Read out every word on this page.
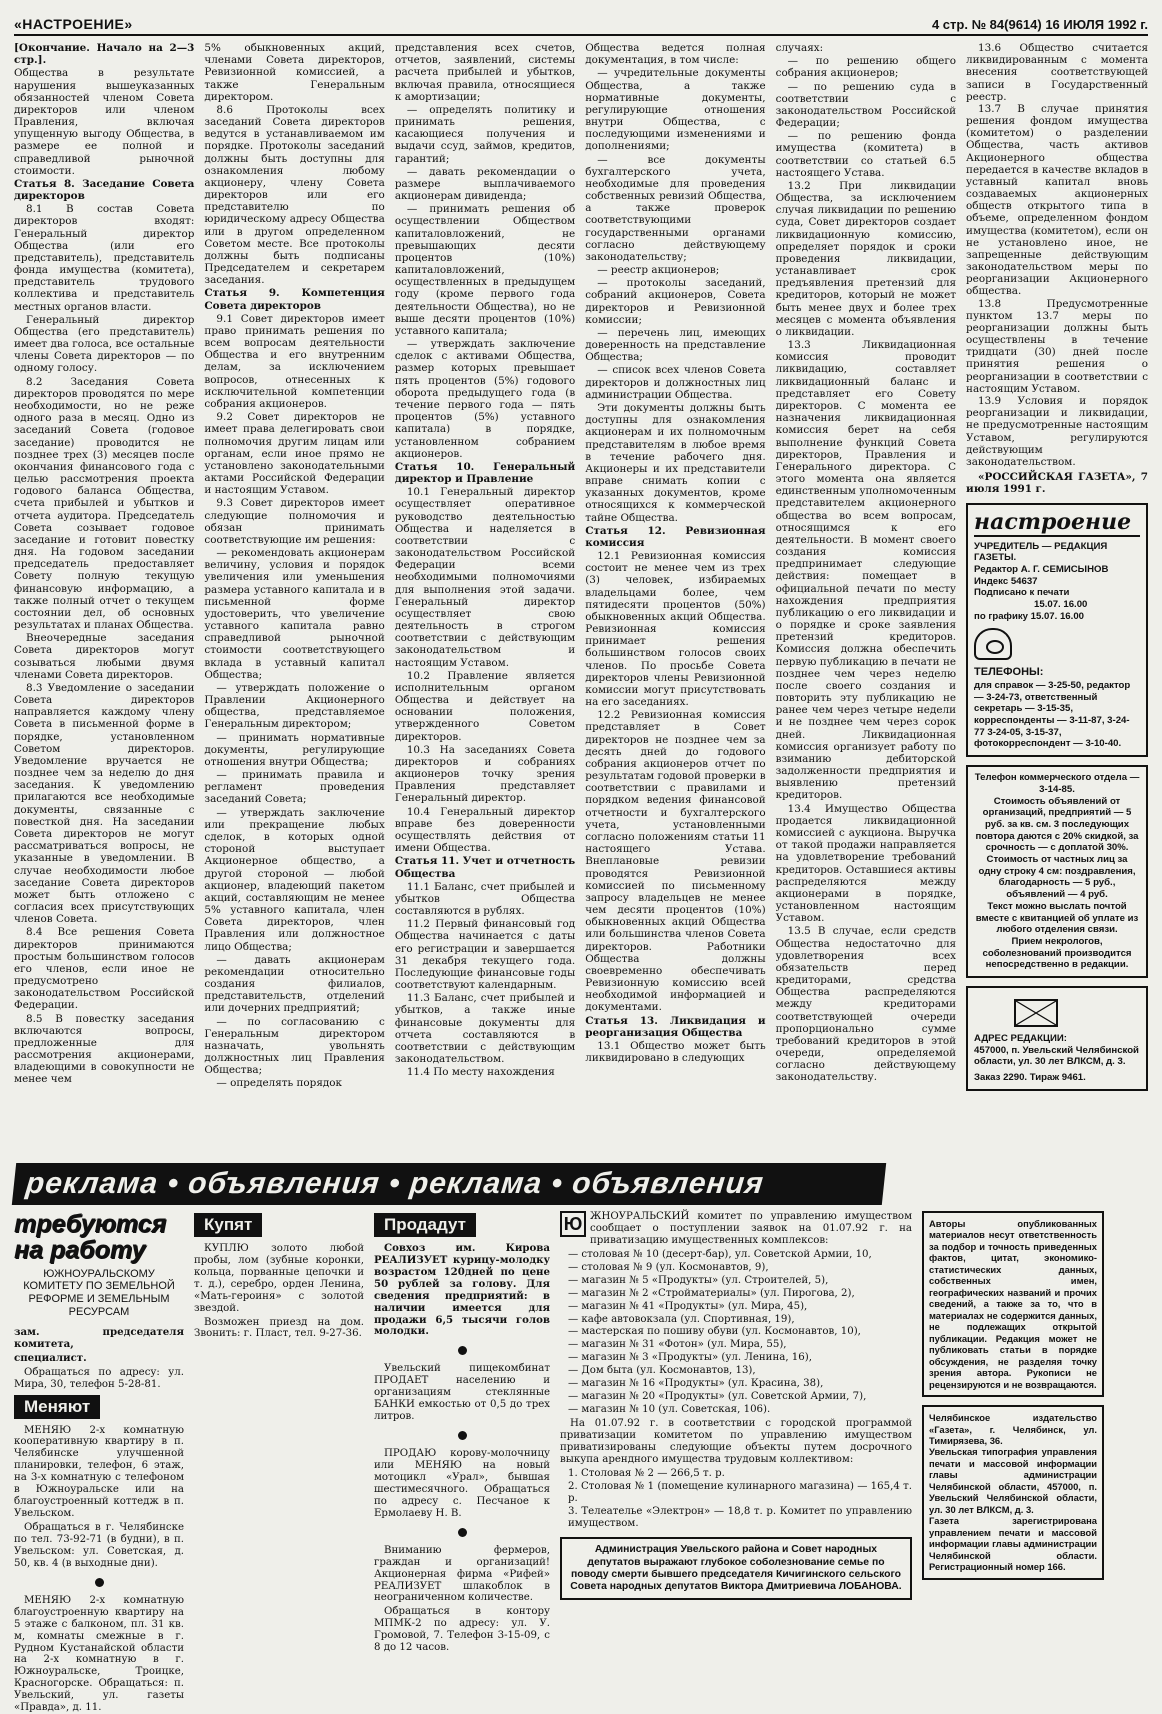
«НАСТРОЕНИЕ»	4 стр. № 84(9614) 16 ИЮЛЯ 1992 г.

[Окончание. Начало на 2—3 стр.].

Общества в результате нарушения вышеуказанных обязанностей членом Совета директоров или членом Правления, включая упущенную выгоду Общества, в размере ее полной и справедливой рыночной стоимости.

Статья 8. Заседание Совета директоров

8.1 В состав Совета директоров входят: Генеральный директор Общества (или его представитель), представитель фонда имущества (комитета), представитель трудового коллектива и представитель местных органов власти.

Генеральный директор Общества (его представитель) имеет два голоса, все остальные члены Совета директоров — по одному голосу.

8.2 Заседания Совета директоров проводятся по мере необходимости, но не реже одного раза в месяц. Одно из заседаний Совета (годовое заседание) проводится не позднее трех (3) месяцев после окончания финансового года с целью рассмотрения проекта годового баланса Общества, счета прибылей и убытков и отчета аудитора. Председатель Совета созывает годовое заседание и готовит повестку дня. На годовом заседании председатель предоставляет Совету полную текущую финансовую информацию, а также полный отчет о текущем состоянии дел, об основных результатах и планах Общества.

Внеочередные заседания Совета директоров могут созываться любыми двумя членами Совета директоров.

8.3 Уведомление о заседании Совета директоров направляется каждому члену Совета в письменной форме в порядке, установленном Советом директоров. Уведомление вручается не позднее чем за неделю до дня заседания. К уведомлению прилагаются все необходимые документы, связанные с повесткой дня. На заседании Совета директоров не могут рассматриваться вопросы, не указанные в уведомлении. В случае необходимости любое заседание Совета директоров может быть отложено с согласия всех присутствующих членов Совета.

8.4 Все решения Совета директоров принимаются простым большинством голосов его членов, если иное не предусмотрено законодательством Российской Федерации.

8.5 В повестку заседания включаются вопросы, предложенные для рассмотрения акционерами, владеющими в совокупности не менее чем

5% обыкновенных акций, членами Совета директоров, Ревизионной комиссией, а также Генеральным директором.

8.6 Протоколы всех заседаний Совета директоров ведутся в устанавливаемом им порядке. Протоколы заседаний должны быть доступны для ознакомления любому акционеру, члену Совета директоров или его представителю по юридическому адресу Общества или в другом определенном Советом месте. Все протоколы должны быть подписаны Председателем и секретарем заседания.

Статья 9. Компетенция Совета директоров

9.1 Совет директоров имеет право принимать решения по всем вопросам деятельности Общества и его внутренним делам, за исключением вопросов, отнесенных к исключительной компетенции собрания акционеров.

9.2 Совет директоров не имеет права делегировать свои полномочия другим лицам или органам, если иное прямо не установлено законодательными актами Российской Федерации и настоящим Уставом.

9.3 Совет директоров имеет следующие полномочия и обязан принимать соответствующие им решения:

— рекомендовать акционерам величину, условия и порядок увеличения или уменьшения размера уставного капитала и в письменной форме удостоверить, что увеличение уставного капитала равно справедливой рыночной стоимости соответствующего вклада в уставный капитал Общества;

— утверждать положение о Правлении Акционерного общества, представляемое Генеральным директором;

— принимать нормативные документы, регулирующие отношения внутри Общества;

— принимать правила и регламент проведения заседаний Совета;

— утверждать заключение или прекращение любых сделок, в которых одной стороной выступает Акционерное общество, а другой стороной — любой акционер, владеющий пакетом акций, составляющим не менее 5% уставного капитала, член Совета директоров, член Правления или должностное лицо Общества;

— давать акционерам рекомендации относительно создания филиалов, представительств, отделений или дочерних предприятий;

— по согласованию с Генеральным директором назначать, увольнять должностных лиц Правления Общества;

— определять порядок

представления всех счетов, отчетов, заявлений, системы расчета прибылей и убытков, включая правила, относящиеся к амортизации;

— определять политику и принимать решения, касающиеся получения и выдачи ссуд, займов, кредитов, гарантий;

— давать рекомендации о размере выплачиваемого акционерам дивиденда;

— принимать решения об осуществлении Обществом капиталовложений, не превышающих десяти процентов (10%) капиталовложений, осуществленных в предыдущем году (кроме первого года деятельности Общества), но не выше десяти процентов (10%) уставного капитала;

— утверждать заключение сделок с активами Общества, размер которых превышает пять процентов (5%) годового оборота предыдущего года (в течение первого года — пять процентов (5%) уставного капитала) в порядке, установленном собранием акционеров.

Статья 10. Генеральный директор и Правление

10.1 Генеральный директор осуществляет оперативное руководство деятельностью Общества и наделяется в соответствии с законодательством Российской Федерации всеми необходимыми полномочиями для выполнения этой задачи. Генеральный директор осуществляет свою деятельность в строгом соответствии с действующим законодательством и настоящим Уставом.

10.2 Правление является исполнительным органом Общества и действует на основании положения, утвержденного Советом директоров.

10.3 На заседаниях Совета директоров и собраниях акционеров точку зрения Правления представляет Генеральный директор.

10.4 Генеральный директор вправе без доверенности осуществлять действия от имени Общества.

Статья 11. Учет и отчетность Общества

11.1 Баланс, счет прибылей и убытков Общества составляются в рублях.

11.2 Первый финансовый год Общества начинается с даты его регистрации и завершается 31 декабря текущего года. Последующие финансовые годы соответствуют календарным.

11.3 Баланс, счет прибылей и убытков, а также иные финансовые документы для отчета составляются в соответствии с действующим законодательством.

11.4 По месту нахождения

Общества ведется полная документация, в том числе:

— учредительные документы Общества, а также нормативные документы, регулирующие отношения внутри Общества, с последующими изменениями и дополнениями;

— все документы бухгалтерского учета, необходимые для проведения собственных ревизий Общества, а также проверок соответствующими государственными органами согласно действующему законодательству;

— реестр акционеров;

— протоколы заседаний, собраний акционеров, Совета директоров и Ревизионной комиссии;

— перечень лиц, имеющих доверенность на представление Общества;

— список всех членов Совета директоров и должностных лиц администрации Общества.

Эти документы должны быть доступны для ознакомления акционерам и их полномочным представителям в любое время в течение рабочего дня. Акционеры и их представители вправе снимать копии с указанных документов, кроме относящихся к коммерческой тайне Общества.

Статья 12. Ревизионная комиссия

12.1 Ревизионная комиссия состоит не менее чем из трех (3) человек, избираемых владельцами более, чем пятидесяти процентов (50%) обыкновенных акций Общества. Ревизионная комиссия принимает решения большинством голосов своих членов. По просьбе Совета директоров члены Ревизионной комиссии могут присутствовать на его заседаниях.

12.2 Ревизионная комиссия представляет в Совет директоров не позднее чем за десять дней до годового собрания акционеров отчет по результатам годовой проверки в соответствии с правилами и порядком ведения финансовой отчетности и бухгалтерского учета, установленными согласно положениям статьи 11 настоящего Устава. Внеплановые ревизии проводятся Ревизионной комиссией по письменному запросу владельцев не менее чем десяти процентов (10%) обыкновенных акций Общества или большинства членов Совета директоров. Работники Общества должны своевременно обеспечивать Ревизионную комиссию всей необходимой информацией и документами.

Статья 13. Ликвидация и реорганизация Общества

13.1 Общество может быть ликвидировано в следующих

случаях:

— по решению общего собрания акционеров;

— по решению суда в соответствии с законодательством Российской Федерации;

— по решению фонда имущества (комитета) в соответствии со статьей 6.5 настоящего Устава.

13.2 При ликвидации Общества, за исключением случая ликвидации по решению суда, Совет директоров создает ликвидационную комиссию, определяет порядок и сроки проведения ликвидации, устанавливает срок предъявления претензий для кредиторов, который не может быть менее двух и более трех месяцев с момента объявления о ликвидации.

13.3 Ликвидационная комиссия проводит ликвидацию, составляет ликвидационный баланс и представляет его Совету директоров. С момента ее назначения ликвидационная комиссия берет на себя выполнение функций Совета директоров, Правления и Генерального директора. С этого момента она является единственным уполномоченным представителем акционерного общества во всем вопросам, относящимся к его деятельности. В момент своего создания комиссия предпринимает следующие действия: помещает в официальной печати по месту нахождения предприятия публикацию о его ликвидации и о порядке и сроке заявления претензий кредиторов. Комиссия должна обеспечить первую публикацию в печати не позднее чем через неделю после своего создания и повторить эту публикацию не ранее чем через четыре недели и не позднее чем через сорок дней. Ликвидационная комиссия организует работу по взиманию дебиторской задолженности предприятия и выявлению претензий кредиторов.

13.4 Имущество Общества продается ликвидационной комиссией с аукциона. Выручка от такой продажи направляется на удовлетворение требований кредиторов. Оставшиеся активы распределяются между акционерами в порядке, установленном настоящим Уставом.

13.5 В случае, если средств Общества недостаточно для удовлетворения всех обязательств перед кредиторами, средства Общества распределяются между кредиторами соответствующей очереди пропорционально сумме требований кредиторов в этой очереди, определяемой согласно действующему законодательству.

13.6 Общество считается ликвидированным с момента внесения соответствующей записи в Государственный реестр.

13.7 В случае принятия решения фондом имущества (комитетом) о разделении Общества, часть активов Акционерного общества передается в качестве вкладов в уставный капитал вновь создаваемых акционерных обществ открытого типа в объеме, определенном фондом имущества (комитетом), если он не установлено иное, не запрещенные действующим законодательством меры по реорганизации Акционерного общества.

13.8 Предусмотренные пунктом 13.7 меры по реорганизации должны быть осуществлены в течение тридцати (30) дней после принятия решения о реорганизации в соответствии с настоящим Уставом.

13.9 Условия и порядок реорганизации и ликвидации, не предусмотренные настоящим Уставом, регулируются действующим законодательством.

«РОССИЙСКАЯ ГАЗЕТА», 7 июля 1991 г.

настроение
УЧРЕДИТЕЛЬ — РЕДАКЦИЯ ГАЗЕТЫ.
Редактор А. Г. СЕМИСЫНОВ
Индекс 54637
Подписано к печати
15.07. 16.00
по графику 15.07. 16.00
ТЕЛЕФОНЫ:
для справок — 3-25-50, редактор — 3-24-73, ответственный секретарь — 3-15-35, корреспонденты — 3-11-87, 3-24-77 3-24-05, 3-15-37, фотокорреспондент — 3-10-40.
Телефон коммерческого отдела — 3-14-85.
Стоимость объявлений от организаций, предприятий — 5 руб. за кв. см. 3 последующих повтора даются с 20% скидкой, за срочность — с доплатой 30%.
Стоимость от частных лиц за одну строку 4 см: поздравления, благодарность — 5 руб., объявлений — 4 руб.
Текст можно выслать почтой вместе с квитанцией об уплате из любого отделения связи.
Прием некрологов, соболезнований производится непосредственно в редакции.
АДРЕС РЕДАКЦИИ:
457000, п. Увельский Челябинской области, ул. 30 лет ВЛКСМ, д. 3.
Заказ 2290. Тираж 9461.
реклама • объявления • реклама • объявления
требуются на работу
ЮЖНОУРАЛЬСКОМУ КОМИТЕТУ ПО ЗЕМЕЛЬНОЙ РЕФОРМЕ И ЗЕМЕЛЬНЫМ РЕСУРСАМ

зам. председателя комитета,

специалист.

Обращаться по адресу: ул. Мира, 30, телефон 5-28-81.

Меняют

МЕНЯЮ 2-х комнатную кооперативную квартиру в п. Челябинске улучшенной планировки, телефон, 6 этаж, на 3-х комнатную с телефоном в Южноуральске или на благоустроенный коттедж в п. Увельском.

Обращаться в г. Челябинске по тел. 73-92-71 (в будни), в п. Увельском: ул. Советская, д. 50, кв. 4 (в выходные дни).

МЕНЯЮ 2-х комнатную благоустроенную квартиру на 5 этаже с балконом, пл. 31 кв. м, комнаты смежные в г. Рудном Кустанайской области на 2-х комнатную в г. Южноуральске, Троицке, Красногорске. Обращаться: п. Увельский, ул. газеты «Правда», д. 11.

Купят

КУПЛЮ золото любой пробы, лом (зубные коронки, кольца, порванные цепочки и т. д.), серебро, орден Ленина, «Мать-героиня» с золотой звездой.

Возможен приезд на дом. Звонить: г. Пласт, тел. 9-27-36.

Продадут

Совхоз им. Кирова РЕАЛИЗУЕТ курицу-молодку возрастом 120дней по цене 50 рублей за голову. Для сведения предприятий: в наличии имеется для продажи 6,5 тысячи голов молодки.

Увельский пищекомбинат ПРОДАЕТ населению и организациям стеклянные БАНКИ емкостью от 0,5 до трех литров.

ПРОДАЮ корову-молочницу или МЕНЯЮ на новый мотоцикл «Урал», бывшая шестимесячного. Обращаться по адресу с. Песчаное к Ермолаеву Н. В.

Вниманию фермеров, граждан и организаций! Акционерная фирма «Рифей» РЕАЛИЗУЕТ шлакоблок в неограниченном количестве.

Обращаться в контору МПМК-2 по адресу: ул. У. Громовой, 7. Телефон 3-15-09, с 8 до 12 часов.

Ю ЖНОУРАЛЬСКИЙ комитет по управлению имуществом сообщает о поступлении заявок на 01.07.92 г. на приватизацию имущественных комплексов:

— столовая № 10 (десерт-бар), ул. Советской Армии, 10,
— столовая № 9 (ул. Космонавтов, 9),
— магазин № 5 «Продукты» (ул. Строителей, 5),
— магазин № 2 «Стройматериалы» (ул. Пирогова, 2),
— магазин № 41 «Продукты» (ул. Мира, 45),
— кафе автовокзала (ул. Спортивная, 19),
— мастерская по пошиву обуви (ул. Космонавтов, 10),
— магазин № 31 «Фотон» (ул. Мира, 55),
— магазин № 3 «Продукты» (ул. Ленина, 16),
— Дом быта (ул. Космонавтов, 13),
— магазин № 16 «Продукты» (ул. Красина, 38),
— магазин № 20 «Продукты» (ул. Советской Армии, 7),
— магазин № 10 (ул. Советская, 106).

На 01.07.92 г. в соответствии с городской программой приватизации комитетом по управлению имуществом приватизированы следующие объекты путем досрочного выкупа арендного имущества трудовым коллективом:

1. Столовая № 2 — 266,5 т. р.
2. Столовая № 1 (помещение кулинарного магазина) — 165,4 т. р.
3. Телеателье «Электрон» — 18,8 т. р. Комитет по управлению имуществом.
Администрация Увельского района и Совет народных депутатов выражают глубокое соболезнование семье по поводу смерти бывшего председателя Кичигинского сельского Совета народных депутатов Виктора Дмитриевича ЛОБАНОВА.
Авторы опубликованных материалов несут ответственность за подбор и точность приведенных фактов, цитат, экономико-статистических данных, собственных имен, географических названий и прочих сведений, а также за то, что в материалах не содержится данных, не подлежащих открытой публикации. Редакция может не публиковать статьи в порядке обсуждения, не разделяя точку зрения автора. Рукописи не рецензируются и не возвращаются.
Челябинское издательство «Газета», г. Челябинск, ул. Тимирязева, 36.
Увельская типография управления печати и массовой информации главы администрации Челябинской области, 457000, п. Увельский Челябинской области, ул. 30 лет ВЛКСМ, д. 3.
Газета зарегистрирована управлением печати и массовой информации главы администрации Челябинской области. Регистрационный номер 166.
